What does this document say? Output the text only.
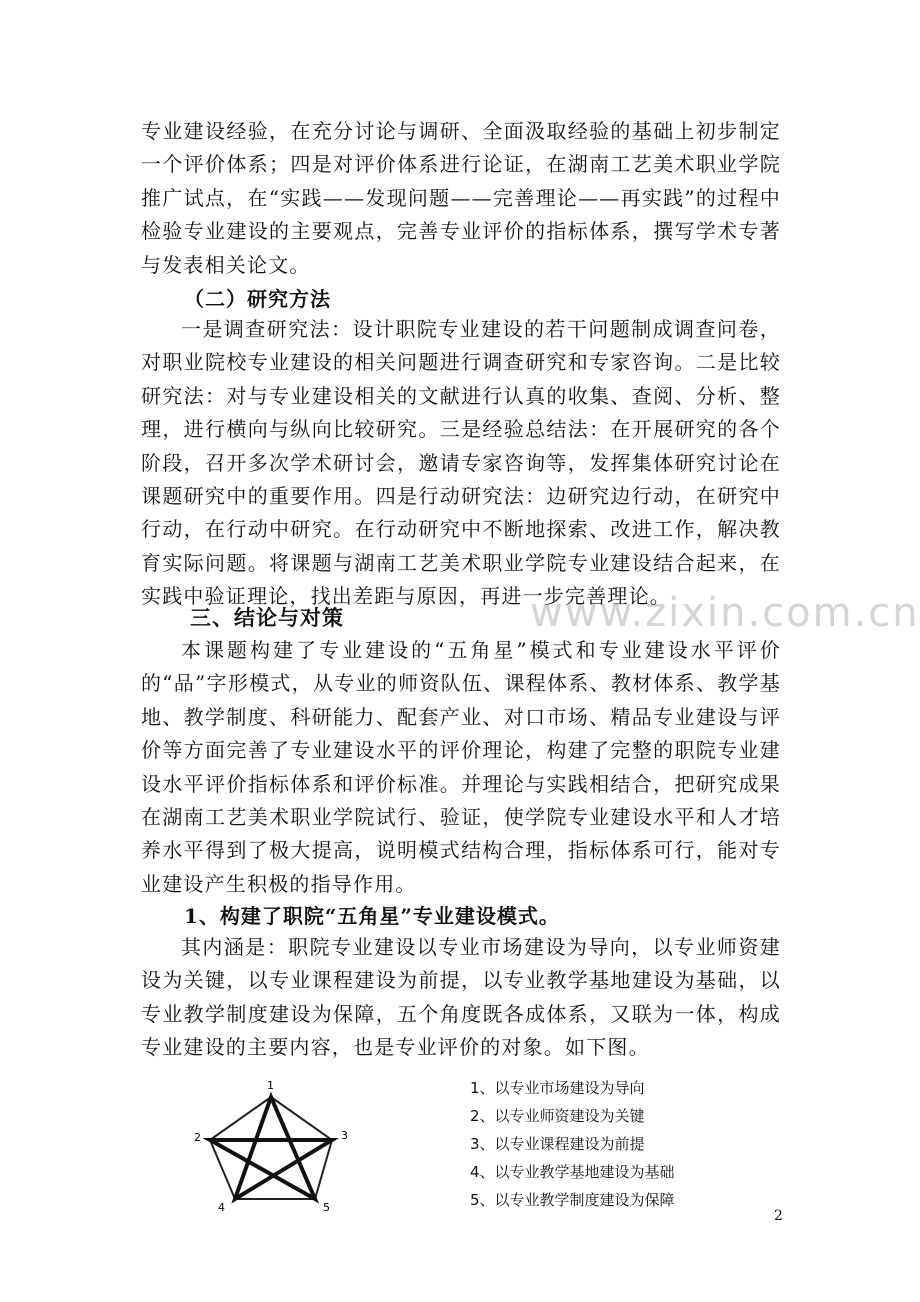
www.zixin.com.cn

专业建设经验，在充分讨论与调研、全面汲取经验的基础上初步制定一个评价体系；四是对评价体系进行论证，在湖南工艺美术职业学院推广试点，在“实践——发现问题——完善理论——再实践”的过程中检验专业建设的主要观点，完善专业评价的指标体系，撰写学术专著与发表相关论文。

（二）研究方法

一是调查研究法：设计职院专业建设的若干问题制成调查问卷，对职业院校专业建设的相关问题进行调查研究和专家咨询。二是比较研究法：对与专业建设相关的文献进行认真的收集、查阅、分析、整理，进行横向与纵向比较研究。三是经验总结法：在开展研究的各个阶段，召开多次学术研讨会，邀请专家咨询等，发挥集体研究讨论在课题研究中的重要作用。四是行动研究法：边研究边行动，在研究中行动，在行动中研究。在行动研究中不断地探索、改进工作，解决教育实际问题。将课题与湖南工艺美术职业学院专业建设结合起来，在实践中验证理论，找出差距与原因，再进一步完善理论。

三、结论与对策

本课题构建了专业建设的“五角星”模式和专业建设水平评价的“品”字形模式，从专业的师资队伍、课程体系、教材体系、教学基地、教学制度、科研能力、配套产业、对口市场、精品专业建设与评价等方面完善了专业建设水平的评价理论，构建了完整的职院专业建设水平评价指标体系和评价标准。并理论与实践相结合，把研究成果在湖南工艺美术职业学院试行、验证，使学院专业建设水平和人才培养水平得到了极大提高，说明模式结构合理，指标体系可行，能对专业建设产生积极的指导作用。

1、构建了职院“五角星”专业建设模式。

其内涵是：职院专业建设以专业市场建设为导向，以专业师资建设为关键，以专业课程建设为前提，以专业教学基地建设为基础，以专业教学制度建设为保障，五个角度既各成体系，又联为一体，构成专业建设的主要内容，也是专业评价的对象。如下图。

1
2	3
4	5
1、以专业市场建设为导向
2、以专业师资建设为关键
3、以专业课程建设为前提
4、以专业教学基地建设为基础
5、以专业教学制度建设为保障
2
